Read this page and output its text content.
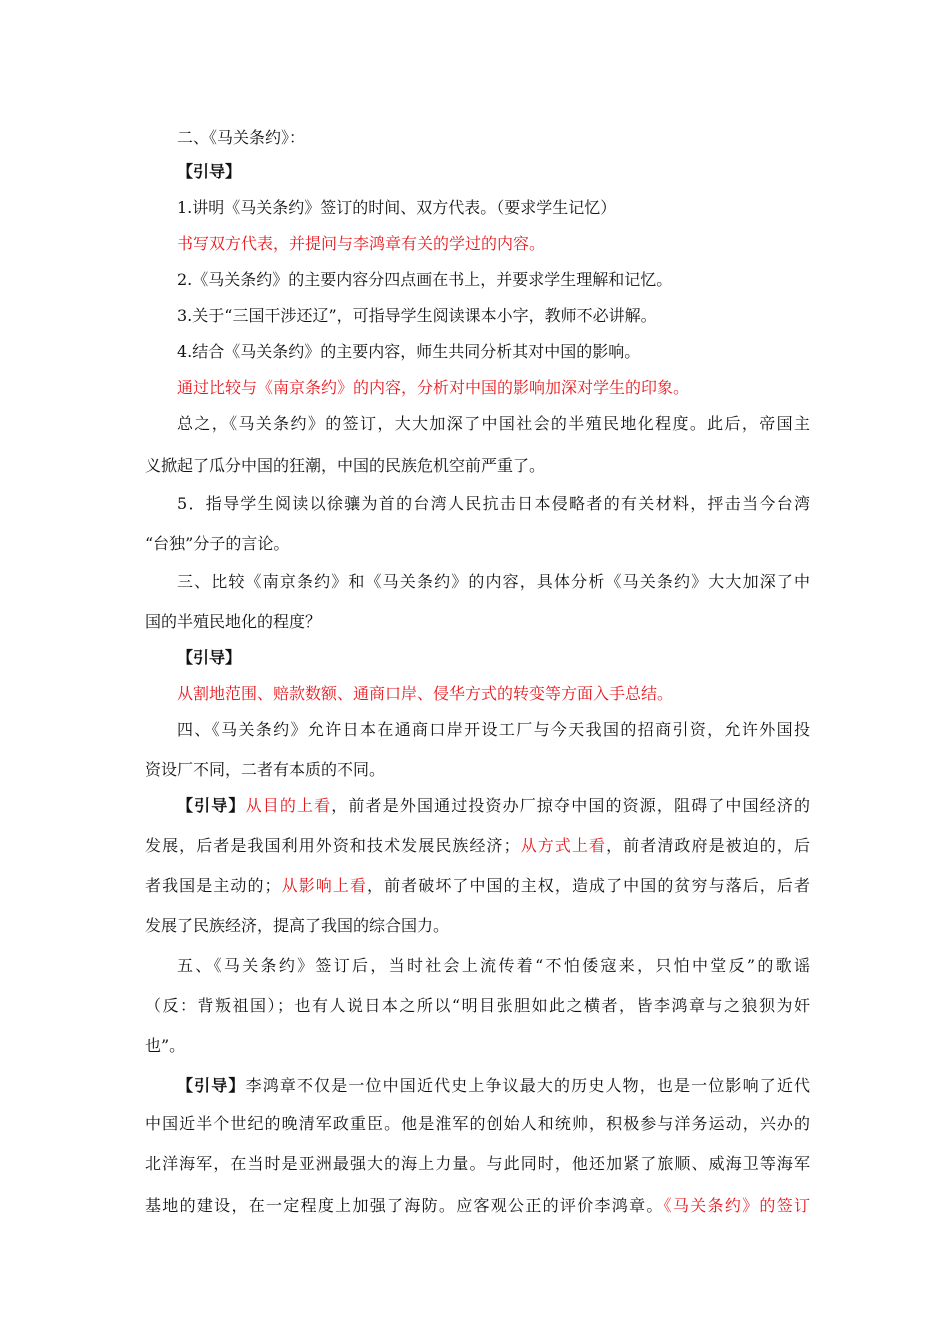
二、《马关条约》：
【引导】
1.讲明《马关条约》签订的时间、双方代表。（要求学生记忆）
书写双方代表，并提问与李鸿章有关的学过的内容。
2.《马关条约》的主要内容分四点画在书上，并要求学生理解和记忆。
3.关于“三国干涉还辽”，可指导学生阅读课本小字，教师不必讲解。
4.结合《马关条约》的主要内容，师生共同分析其对中国的影响。
通过比较与《南京条约》的内容，分析对中国的影响加深对学生的印象。
总之，《马关条约》的签订，大大加深了中国社会的半殖民地化程度。此后，帝国主
义掀起了瓜分中国的狂潮，中国的民族危机空前严重了。
5．指导学生阅读以徐骧为首的台湾人民抗击日本侵略者的有关材料，抨击当今台湾
“台独”分子的言论。
三、比较《南京条约》和《马关条约》的内容，具体分析《马关条约》大大加深了中
国的半殖民地化的程度？
【引导】
从割地范围、赔款数额、通商口岸、侵华方式的转变等方面入手总结。
四、《马关条约》允许日本在通商口岸开设工厂与今天我国的招商引资，允许外国投
资设厂不同，二者有本质的不同。
【引导】从目的上看，前者是外国通过投资办厂掠夺中国的资源，阻碍了中国经济的
发展，后者是我国利用外资和技术发展民族经济；从方式上看，前者清政府是被迫的，后
者我国是主动的；从影响上看，前者破坏了中国的主权，造成了中国的贫穷与落后，后者
发展了民族经济，提高了我国的综合国力。
五、《马关条约》签订后，当时社会上流传着“不怕倭寇来，只怕中堂反”的歌谣
（反：背叛祖国）；也有人说日本之所以“明目张胆如此之横者，皆李鸿章与之狼狈为奸
也”。
【引导】李鸿章不仅是一位中国近代史上争议最大的历史人物，也是一位影响了近代
中国近半个世纪的晚清军政重臣。他是淮军的创始人和统帅，积极参与洋务运动，兴办的
北洋海军，在当时是亚洲最强大的海上力量。与此同时，他还加紧了旅顺、威海卫等海军
基地的建设，在一定程度上加强了海防。应客观公正的评价李鸿章。《马关条约》的签订
